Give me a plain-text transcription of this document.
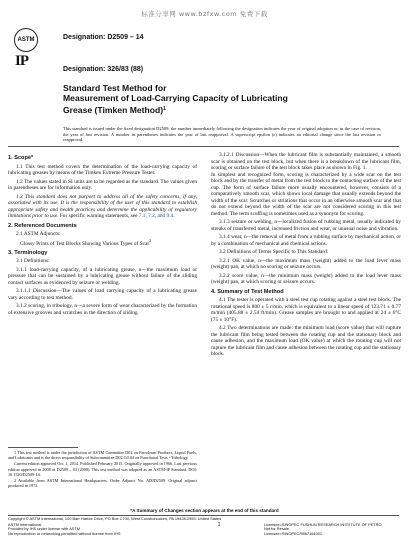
标准分享网 www.bzfxw.com 免费下载
ASTM	Designation: D2509 – 14
IP
Designation: 326/83 (88)
Standard Test Method for
Measurement of Load-Carrying Capacity of Lubricating
Grease (Timken Method)$^1$
This standard is issued under the fixed designation D2509; the number immediately following the designation indicates the year of original adoption or, in the case of revision, the year of last revision. A number in parentheses indicates the year of last reapproval. A superscript epsilon (ε) indicates an editorial change since the last revision or reapproval.
1. Scope*

1.1 This test method covers the determination of the load-carrying capacity of lubricating greases by means of the Timken Extreme Pressure Tester.

1.2 The values stated in SI units are to be regarded as the standard. The values given in parentheses are for information only.

1.3 This standard does not purport to address all of the safety concerns, if any, associated with its use. It is the responsibility of the user of this standard to establish appropriate safety and health practices and determine the applicability of regulatory limitations prior to use. For specific warning statements, see 7.1, 7.2, and 9.4.

2. Referenced Documents

2.1 ASTM Adjuncts:

Glossy Prints of Test Blocks Showing Various Types of Scar$^2$

3. Terminology

3.1 Definitions:

3.1.1 load-carrying capacity, of a lubricating grease, n—the maximum load or pressure that can be sustained by a lubricating grease without failure of the sliding contact surfaces as evidenced by seizure or welding.

3.1.1.1 Discussion—The values of load carrying capacity of a lubricating grease vary according to test method.

3.1.2 scoring, in tribology, n—a severe form of wear characterized by the formation of extensive grooves and scratches in the direction of sliding.

1 This test method is under the jurisdiction of ASTM Committee D02 on Petroleum Products, Liquid Fuels, and Lubricants and is the direct responsibility of Subcommittee D02.G0.04 on Functional Tests - Tribology.

Current edition approved Oct. 1, 2014. Published February 2015. Originally approved in 1966. Last previous edition approved in 2008 as D2509 – 03 (2008). This test method was adopted as an ASTM-IP Standard. DOI: 10.1520/D2509-14.

2 Available from ASTM International Headquarters. Order Adjunct No. ADJD2509. Original adjunct produced in 1972.

3.1.2.1 Discussion—When the lubricant film is substantially maintained, a smooth scar is obtained on the test block, but when there is a breakdown of the lubricant film, scoring or surface failure of the test block takes place as shown in Fig. 1.

In simplest and recognized form, scoring is characterized by a wide scar on the test block and by the transfer of metal from the test block to the contacting surface of the test cup. The form of surface failure more usually encountered, however, consists of a comparatively smooth scar, which shows local damage that usually extends beyond the width of the scar. Scratches or striations that occur in an otherwise smooth scar and that do not extend beyond the width of the scar are not considered scoring in this test method. The term scuffing is sometimes used as a synonym for scoring.

3.1.3 seizure or welding, n—localized fusion of rubbing metal, usually indicated by streaks of transferred metal, increased friction and wear, or unusual noise and vibration.

3.1.4 wear, n—the removal of metal from a rubbing surface by mechanical action, or by a combination of mechanical and chemical actions.

3.2 Definitions of Terms Specific to This Standard:

3.2.1 OK value, n—the maximum mass (weight) added to the load lever mass (weight) pan, at which no scoring or seizure occurs.

3.2.2 score value, n—the minimum mass (weight) added to the load lever mass (weight) pan, at which scoring or seizure occurs.

4. Summary of Test Method

4.1 The tester is operated with a steel test cup rotating against a steel test block. The rotational speed is 800 ± 5 r/min, which is equivalent to a linear speed of 123.71 ± 0.77 m/min (405.88 ± 2.54 ft/min). Grease samples are brought to and applied at 24 ± 6°C (75 ± 10°F).

4.2 Two determinations are made: the minimum load (score value) that will rupture the lubricant film being tested between the rotating cup and the stationary block and cause adhesion, and the maximum load (OK value) at which the rotating cup will not rupture the lubricant film and cause adhesion between the rotating cup and the stationary block.

*A Summary of Changes section appears at the end of this standard
Copyright © ASTM International, 100 Barr Harbor Drive, PO Box C700, West Conshohocken, PA 19428-2959. United States
ASTM International
Provided by IHS under license with ASTM
No reproduction or networking permitted without license from IHS
1	Licensee=SINOPEC FUSHUN RESEARCH INSTITUTE OF PETRO
Not for Resale
Licensee=SINOPEC/5967164001
